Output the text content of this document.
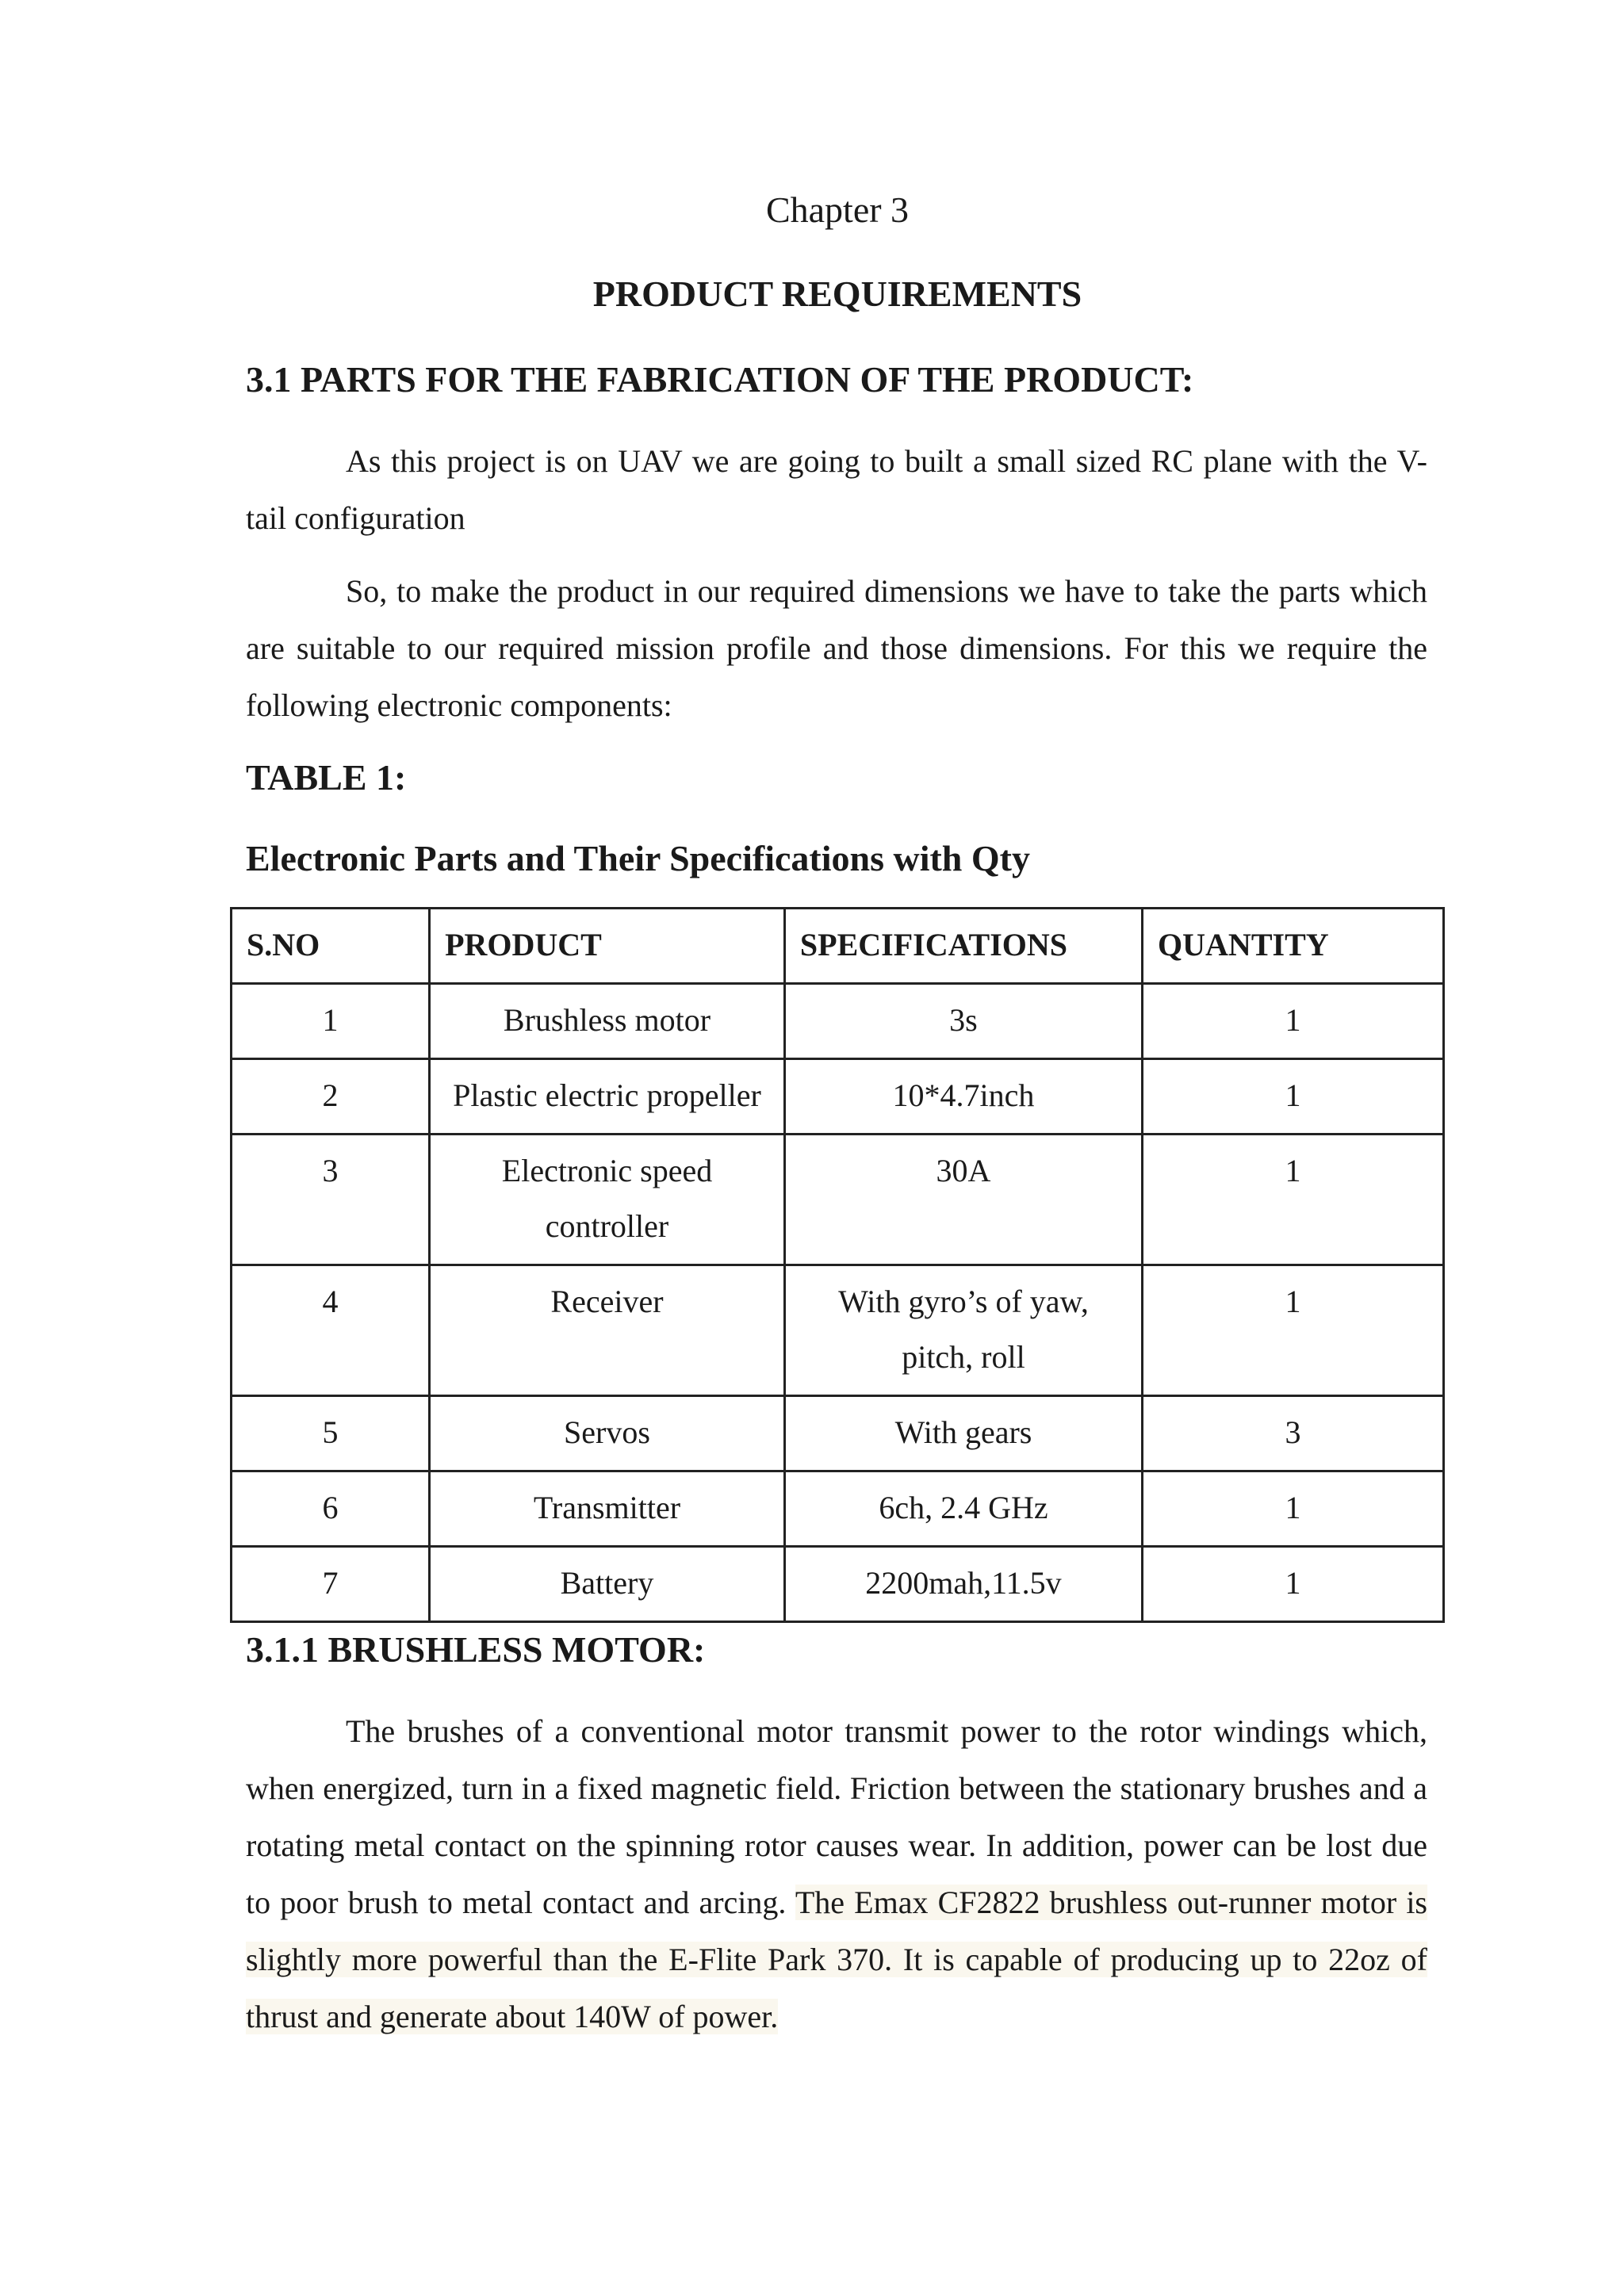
Chapter 3
PRODUCT REQUIREMENTS
3.1 PARTS FOR THE FABRICATION OF THE PRODUCT:

As this project is on UAV we are going to built a small sized RC plane with the V-tail configuration

So, to make the product in our required dimensions we have to take the parts which are suitable to our required mission profile and those dimensions. For this we require the following electronic components:

TABLE 1:
Electronic Parts and Their Specifications with Qty
S.NO	PRODUCT	SPECIFICATIONS	QUANTITY
1	Brushless motor	3s	1
2	Plastic electric propeller	10*4.7inch	1
3	Electronic speed controller	30A	1
4	Receiver	With gyro’s of yaw, pitch, roll	1
5	Servos	With gears	3
6	Transmitter	6ch, 2.4 GHz	1
7	Battery	2200mah,11.5v	1
3.1.1 BRUSHLESS MOTOR:

The brushes of a conventional motor transmit power to the rotor windings which, when energized, turn in a fixed magnetic field. Friction between the stationary brushes and a rotating metal contact on the spinning rotor causes wear. In addition, power can be lost due to poor brush to metal contact and arcing. The Emax CF2822 brushless out-runner motor is slightly more powerful than the E-Flite Park 370. It is capable of producing up to 22oz of thrust and generate about 140W of power.
